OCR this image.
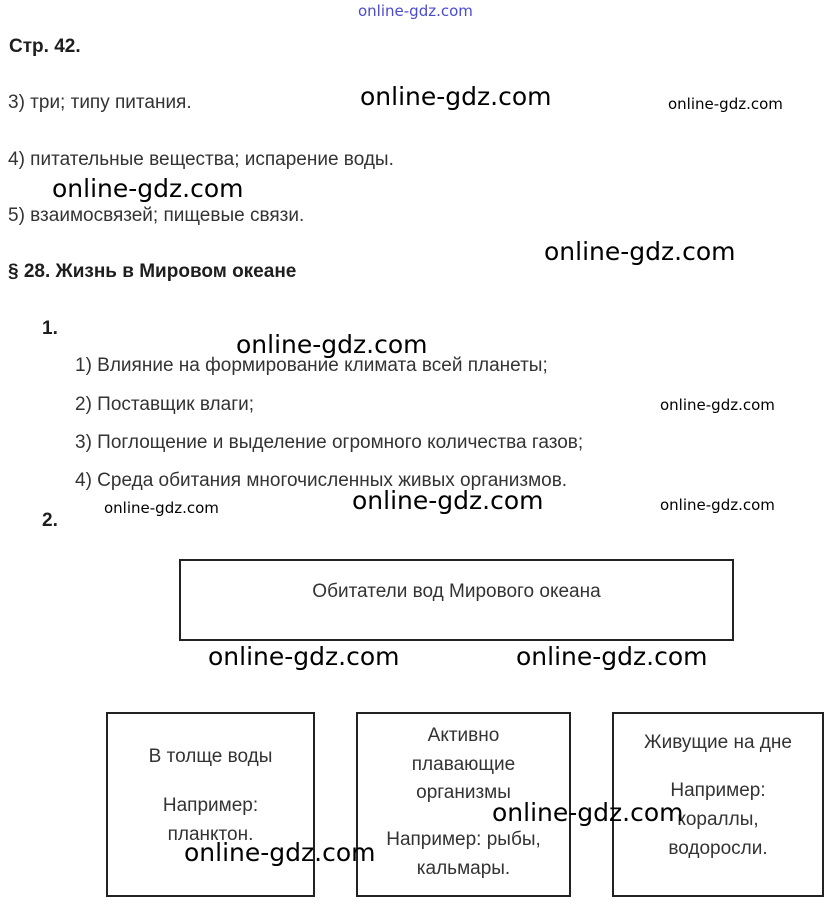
online-gdz.com
Стр. 42.
3) три; типу питания.
4) питательные вещества; испарение воды.
5) взаимосвязей; пищевые связи.
§ 28. Жизнь в Мировом океане
1.
1) Влияние на формирование климата всей планеты;
2) Поставщик влаги;
3) Поглощение и выделение огромного количества газов;
4) Среда обитания многочисленных живых организмов.
2.
Обитатели вод Мирового океана
В толще воды
Например:
планктон.
Активно
плавающие
организмы
Например: рыбы,
кальмары.
Живущие на дне
Например:
кораллы,
водоросли.
online-gdz.com
online-gdz.com
online-gdz.com
online-gdz.com
online-gdz.com
online-gdz.com	online-gdz.com
online-gdz.com
online-gdz.com
online-gdz.com
online-gdz.com
online-gdz.com	online-gdz.com
